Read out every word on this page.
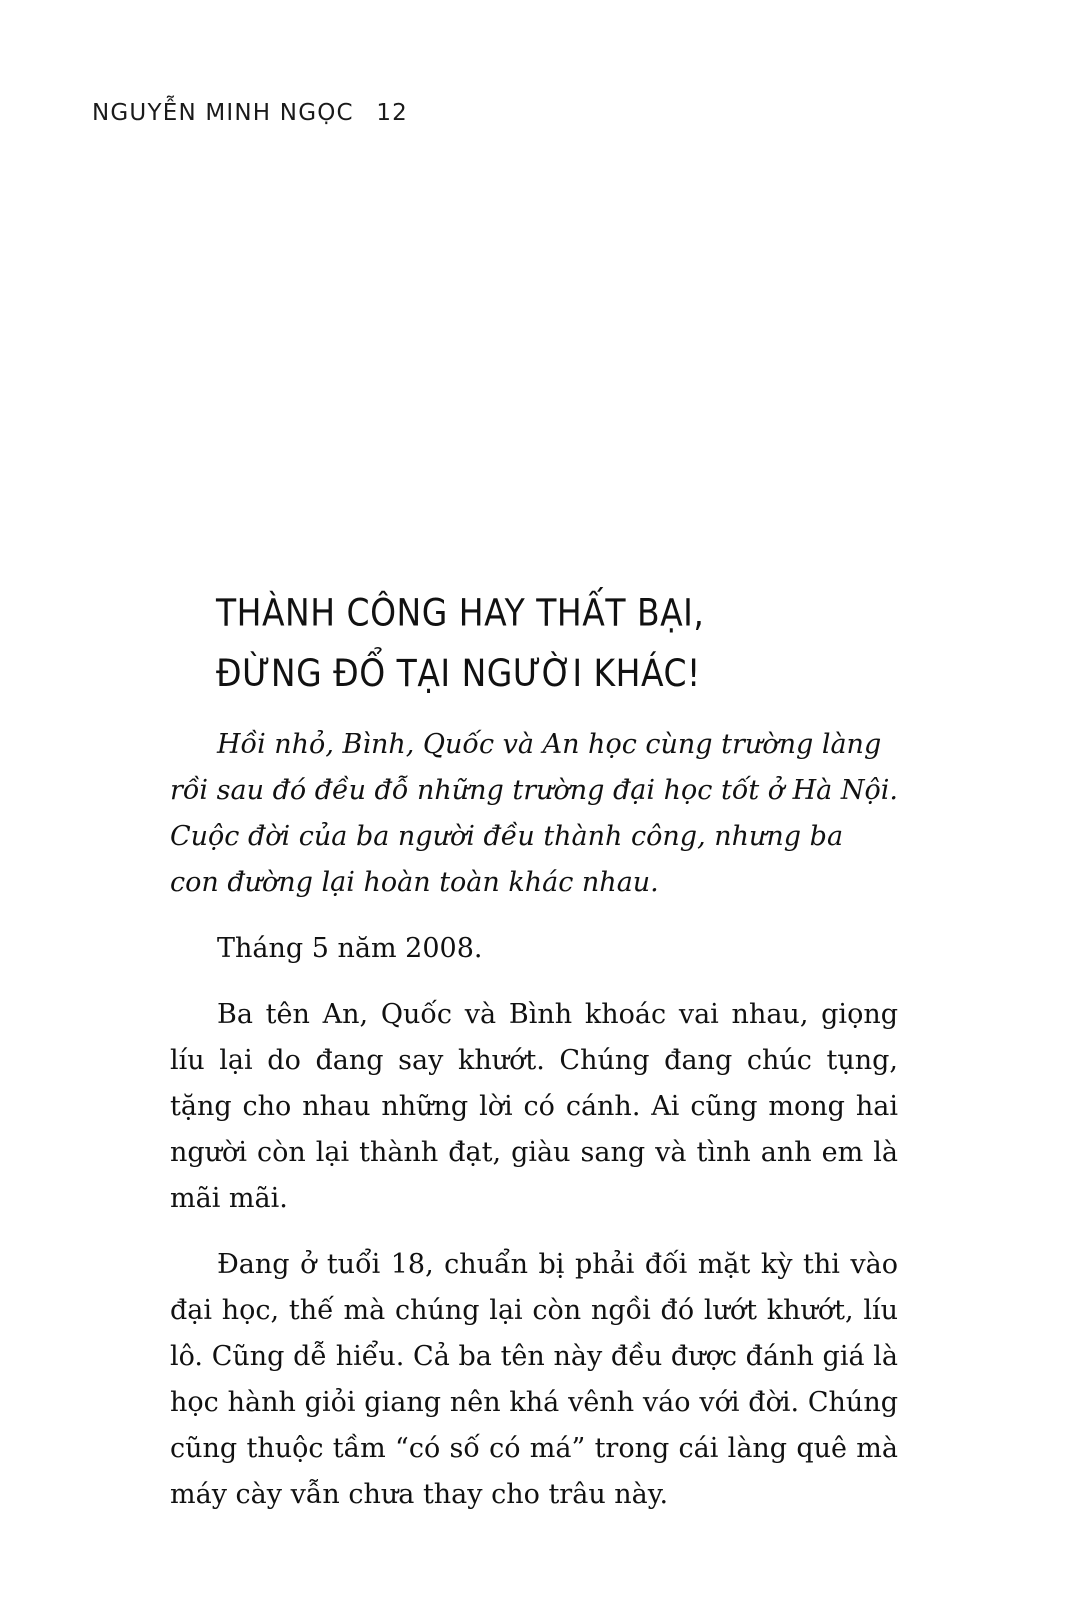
NGUYỄN MINH NGỌC 12
THÀNH CÔNG HAY THẤT BẠI,
ĐỪNG ĐỔ TẠI NGƯỜI KHÁC!

Hồi nhỏ, Bình, Quốc và An học cùng trường làng rồi sau đó đều đỗ những trường đại học tốt ở Hà Nội. Cuộc đời của ba người đều thành công, nhưng ba con đường lại hoàn toàn khác nhau.

Tháng 5 năm 2008.

Ba tên An, Quốc và Bình khoác vai nhau, giọng líu lại do đang say khướt. Chúng đang chúc tụng, tặng cho nhau những lời có cánh. Ai cũng mong hai người còn lại thành đạt, giàu sang và tình anh em là mãi mãi.

Đang ở tuổi 18, chuẩn bị phải đối mặt kỳ thi vào đại học, thế mà chúng lại còn ngồi đó lướt khướt, líu lô. Cũng dễ hiểu. Cả ba tên này đều được đánh giá là học hành giỏi giang nên khá vênh váo với đời. Chúng cũng thuộc tầm “có số có má” trong cái làng quê mà máy cày vẫn chưa thay cho trâu này.
